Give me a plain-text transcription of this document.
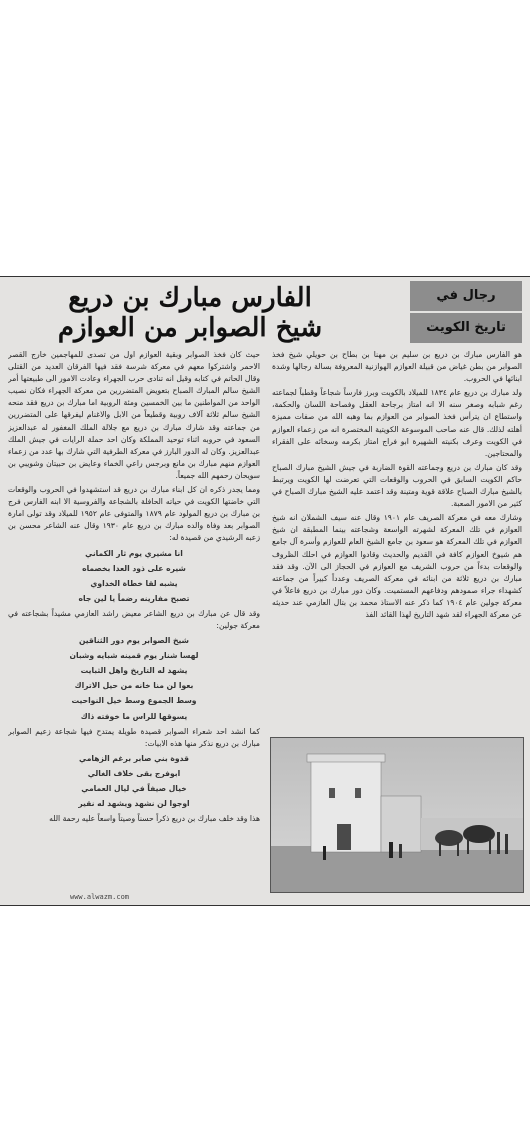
الفارس مبارك بن دريع
شيخ الصوابر من العوازم
رجال في
تاريخ الكويت

هو الفارس مبارك بن دريع بن سليم بن مهنا بن بطاح بن حويلي شيخ فخذ الصوابر من بطن غياض من قبيلة العوازم الهوازنية المعروفة بسالة رجالها وشدة ابنائها في الحروب.

ولد مبارك بن دريع عام ١٨٣٤ للميلاد بالكويت وبرز فارساً شجاعاً وقطباً لجماعته رغم شبابه وصغر سنه الا انه امتاز برجاحة العقل وفصاحة اللسان والحكمة، واستطاع ان يترأس فخذ الصوابر من العوازم بما وهبه الله من صفات مميزة أهلته لذلك. قال عنه صاحب الموسوعة الكويتية المختصرة انه من زعماء العوازم في الكويت وعرف بكنيته الشهيرة ابو فراج امتاز بكرمه وسخائه على الفقراء والمحتاجين.

وقد كان مبارك بن دريع وجماعته القوة الضاربة في جيش الشيخ مبارك الصباح حاكم الكويت السابق في الحروب والوقعات التي تعرضت لها الكويت ويرتبط بالشيخ مبارك الصباح علاقة قوية ومتينة وقد اعتمد عليه الشيخ مبارك الصباح في كثير من الامور الصعبة.

وشارك معه في معركة الصريف عام ١٩٠١ وقال عنه سيف الشملان انه شيخ العوازم في تلك المعركة لشهرته الواسعة وشجاعته بينما المطبقة ان شيخ العوازم في تلك المعركة هو سعود بن جامع الشيخ العام للعوازم وأسرة آل جامع هم شيوخ العوازم كافة في القديم والحديث وقادوا العوازم في احلك الظروف والوقعات بدءاً من حروب الشريف مع العوازم في الحجاز الى الآن. وقد فقد مبارك بن دريع ثلاثة من ابنائه في معركة الصريف وعدداً كبيراً من جماعته كشهداء جراء صمودهم ودفاعهم المستميت. وكان دور مبارك بن دريع فاعلاً في معركة جولين عام ١٩٠٤ كما ذكر عنه الاستاذ محمد بن بتال العازمي عند حديثه عن معركة الجهراء لقد شهد التاريخ لهذا القائد الفذ

حيث كان فخذ الصوابر وبقية العوازم اول من تصدى للمهاجمين خارج القصر الاحمر واشتركوا معهم في معركة شرسة فقد فيها الفرقان العديد من القتلى وقال الحاتم في كتابه وقيل انه تنادى حرب الجهراء وعادت الامور الى طبيعتها أمر الشيخ سالم المبارك الصباح بتعويض المتضررين من معركة الجهراء فكان نصيب الواحد من المواطنين ما بين الخمسين ومئة الروبية اما مبارك بن دريع فقد منحه الشيخ سالم ثلاثة آلاف روبية وقطيعاً من الابل والاغنام ليفرقها على المتضررين من جماعته وقد شارك مبارك بن دريع مع جلالة الملك المغفور له عبدالعزيز السعود في حروبه اثناء توحيد المملكة وكان احد حملة الرايات في جيش الملك عبدالعزيز. وكان له الدور البارز في معركة الطرفية التي شارك بها عدد من زعماء العوازم منهم مبارك بن مانع وبرجس راعي الخماء وعايض بن حبيتان وشويبي بن سويحان رحمهم الله جميعاً.

ومما يجدر ذكره ان كل ابناء مبارك بن دريع قد استشهدوا في الحروب والوقعات التي خاضتها الكويت في حياته الحافلة بالشجاعة والفروسية الا ابنه الفارس فرج بن مبارك بن دريع المولود عام ١٨٧٩ والمتوفى عام ١٩٥٢ للميلاد وقد تولى امارة الصوابر بعد وفاة والده مبارك بن دريع عام ١٩٣٠ وقال عنه الشاعر محسن بن زعبه الرشيدي من قصيدة له:

انا مشيري يوم ثار الكماني
شيره على ذود العدا بخصماه
يشبه لقا خطاة الخداوي
تصبح مفارينه رضماً يا لين جاه

وقد قال عن مبارك بن دريع الشاعر معيض راشد العازمي مشيداً بشجاعته في معركة جولين:

شيخ الصوابر يوم دور الثناقين
لهسا شنار يوم قمينه شبايه وشبان
يشهد له التاريخ واهل الثبايت
بعوا لن منا خانه من حيل الاتراك
وسط الجموع وسط خيل النواحيت
يسوقها للراس ما خوفته ذاك

كما انشد احد شعراء الصوابر قصيدة طويلة يمتدح فيها شجاعة زعيم الصوابر مبارك بن دريع نذكر منها هذه الابيات:

قدوة بني صابر برغم الزهامي
ابوفرج بقى خلاف الغالي
خيال صيفاً في ليال العمامي
اوجوا لن نشهد ويشهد له نقير

هذا وقد خلف مبارك بن دريع ذكراً حسناً وصيتاً واسعاً عليه رحمة الله

www.alwazm.com
